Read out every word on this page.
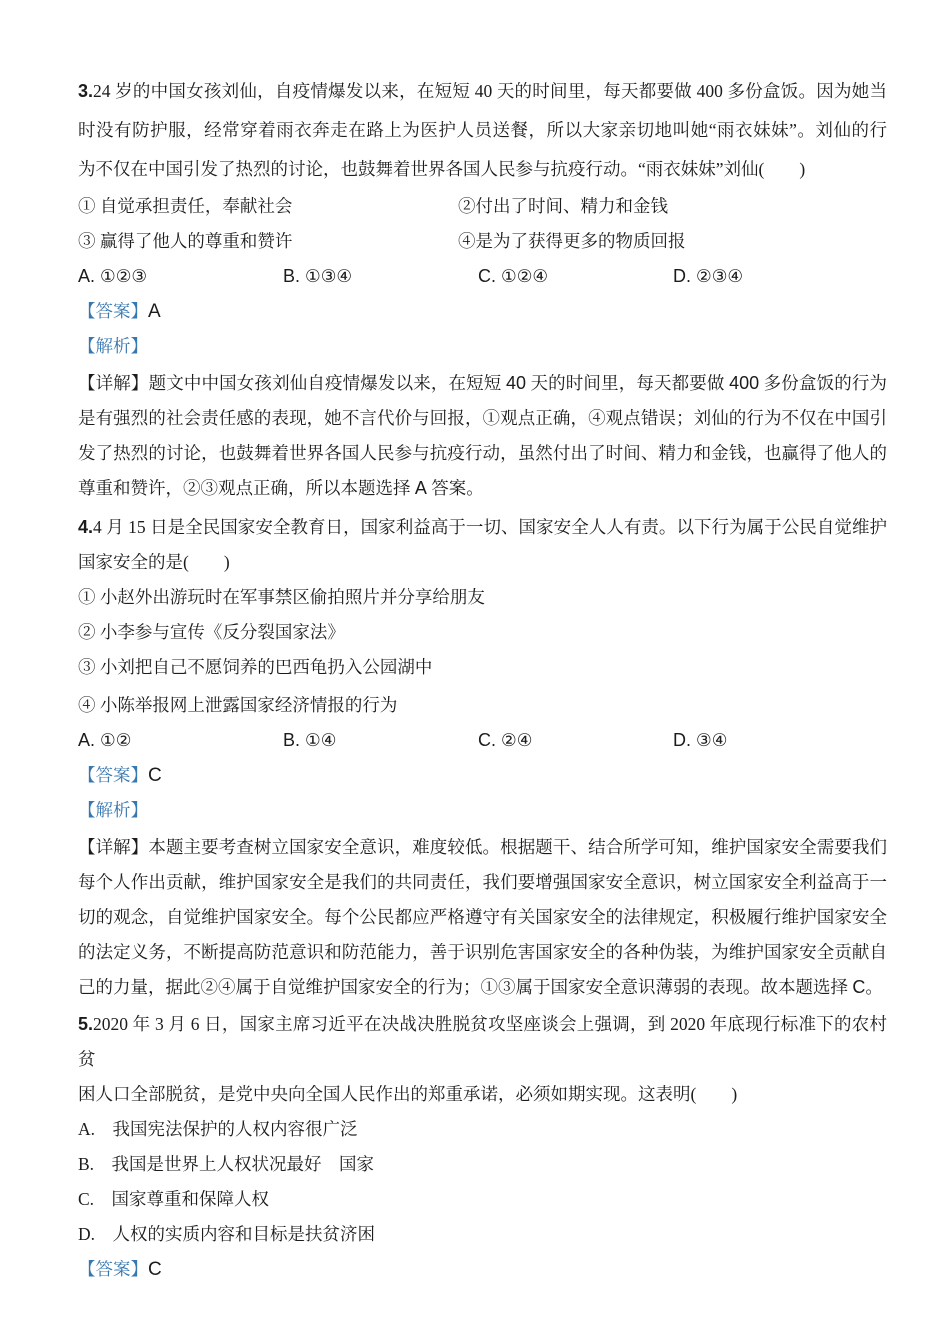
3.24 岁的中国女孩刘仙，自疫情爆发以来，在短短 40 天的时间里，每天都要做 400 多份盒饭。因为她当
时没有防护服，经常穿着雨衣奔走在路上为医护人员送餐，所以大家亲切地叫她“雨衣妹妹”。刘仙的行
为不仅在中国引发了热烈的讨论，也鼓舞着世界各国人民参与抗疫行动。“雨衣妹妹”刘仙(　　)
① 自觉承担责任，奉献社会	②付出了时间、精力和金钱
③ 赢得了他人的尊重和赞许	④是为了获得更多的物质回报
A. ①②③	B. ①③④	C. ①②④	D. ②③④
【答案】A
【解析】
【详解】题文中中国女孩刘仙自疫情爆发以来，在短短 40 天的时间里，每天都要做 400 多份盒饭的行为
是有强烈的社会责任感的表现，她不言代价与回报，①观点正确，④观点错误；刘仙的行为不仅在中国引
发了热烈的讨论，也鼓舞着世界各国人民参与抗疫行动，虽然付出了时间、精力和金钱，也赢得了他人的
尊重和赞许，②③观点正确，所以本题选择 A 答案。
4.4 月 15 日是全民国家安全教育日，国家利益高于一切、国家安全人人有责。以下行为属于公民自觉维护
国家安全的是(　　)
① 小赵外出游玩时在军事禁区偷拍照片并分享给朋友
② 小李参与宣传《反分裂国家法》
③ 小刘把自己不愿饲养的巴西龟扔入公园湖中
④ 小陈举报网上泄露国家经济情报的行为
A. ①②	B. ①④	C. ②④	D. ③④
【答案】C
【解析】
【详解】本题主要考查树立国家安全意识，难度较低。根据题干、结合所学可知，维护国家安全需要我们
每个人作出贡献，维护国家安全是我们的共同责任，我们要增强国家安全意识，树立国家安全利益高于一
切的观念，自觉维护国家安全。每个公民都应严格遵守有关国家安全的法律规定，积极履行维护国家安全
的法定义务，不断提高防范意识和防范能力，善于识别危害国家安全的各种伪装，为维护国家安全贡献自
己的力量，据此②④属于自觉维护国家安全的行为；①③属于国家安全意识薄弱的表现。故本题选择 C。
5.2020 年 3 月 6 日，国家主席习近平在决战决胜脱贫攻坚座谈会上强调，到 2020 年底现行标准下的农村贫
困人口全部脱贫，是党中央向全国人民作出的郑重承诺，必须如期实现。这表明(　　)
A.　我国宪法保护的人权内容很广泛
B.　我国是世界上人权状况最好　国家
C.　国家尊重和保障人权
D.　人权的实质内容和目标是扶贫济困
【答案】C
